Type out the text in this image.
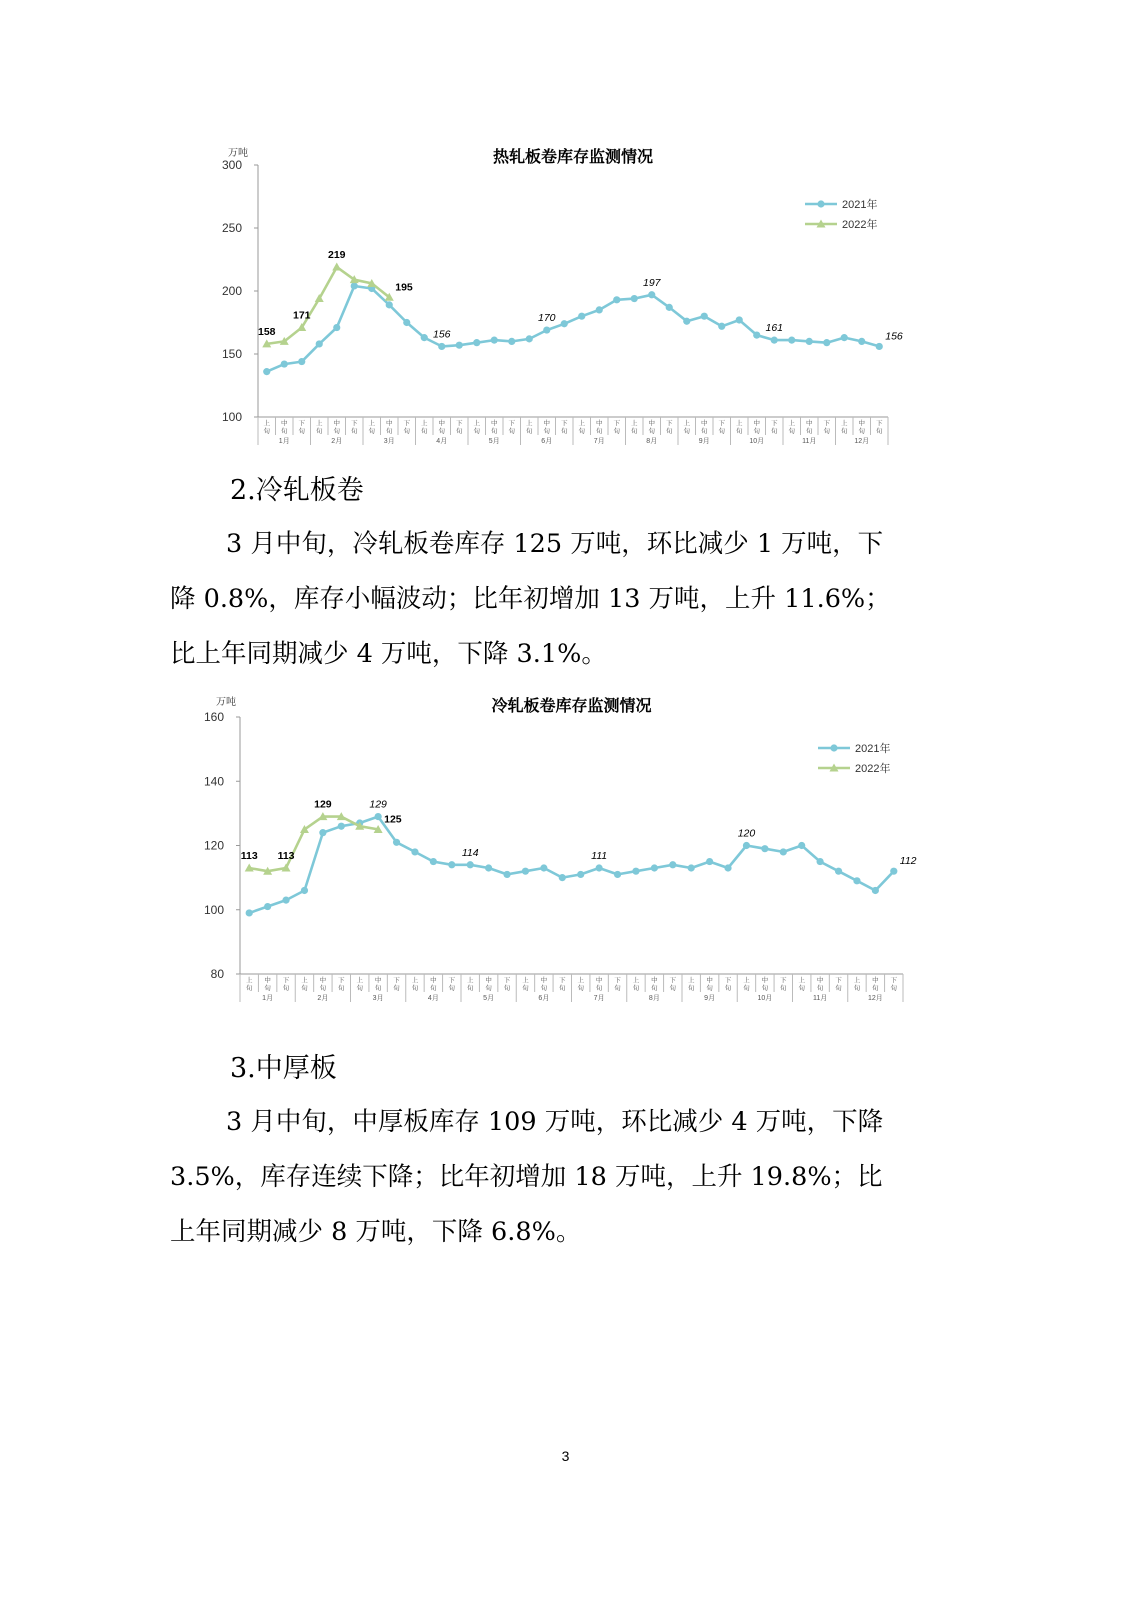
热轧板卷库存监测情况
万吨
100
150
200
250
300
上
旬
中
旬
下
旬
上
旬
中
旬
下
旬
上
旬
中
旬
下
旬
上
旬
中
旬
下
旬
上
旬
中
旬
下
旬
上
旬
中
旬
下
旬
上
旬
中
旬
下
旬
上
旬
中
旬
下
旬
上
旬
中
旬
下
旬
上
旬
中
旬
下
旬
上
旬
中
旬
下
旬
上
旬
中
旬
下
旬
1月	2月	3月	4月	5月	6月	7月	8月	9月	10月	11月	12月
158
171
219
195
156
170
197
161
156
2021年
2022年
2.冷轧板卷
3 月中旬，冷轧板卷库存 125 万吨，环比减少 1 万吨，下
降 0.8%，库存小幅波动；比年初增加 13 万吨，上升 11.6%；
比上年同期减少 4 万吨，下降 3.1%。
冷轧板卷库存监测情况
万吨
80
100
120
140
160
上
旬
中
旬
下
旬
上
旬
中
旬
下
旬
上
旬
中
旬
下
旬
上
旬
中
旬
下
旬
上
旬
中
旬
下
旬
上
旬
中
旬
下
旬
上
旬
中
旬
下
旬
上
旬
中
旬
下
旬
上
旬
中
旬
下
旬
上
旬
中
旬
下
旬
上
旬
中
旬
下
旬
上
旬
中
旬
下
旬
1月	2月	3月	4月	5月	6月	7月	8月	9月	10月	11月	12月
113 113
129
125
129
114	111
120
112
2021年
2022年
3.中厚板
3 月中旬，中厚板库存 109 万吨，环比减少 4 万吨，下降
3.5%，库存连续下降；比年初增加 18 万吨，上升 19.8%；比
上年同期减少 8 万吨，下降 6.8%。
3
